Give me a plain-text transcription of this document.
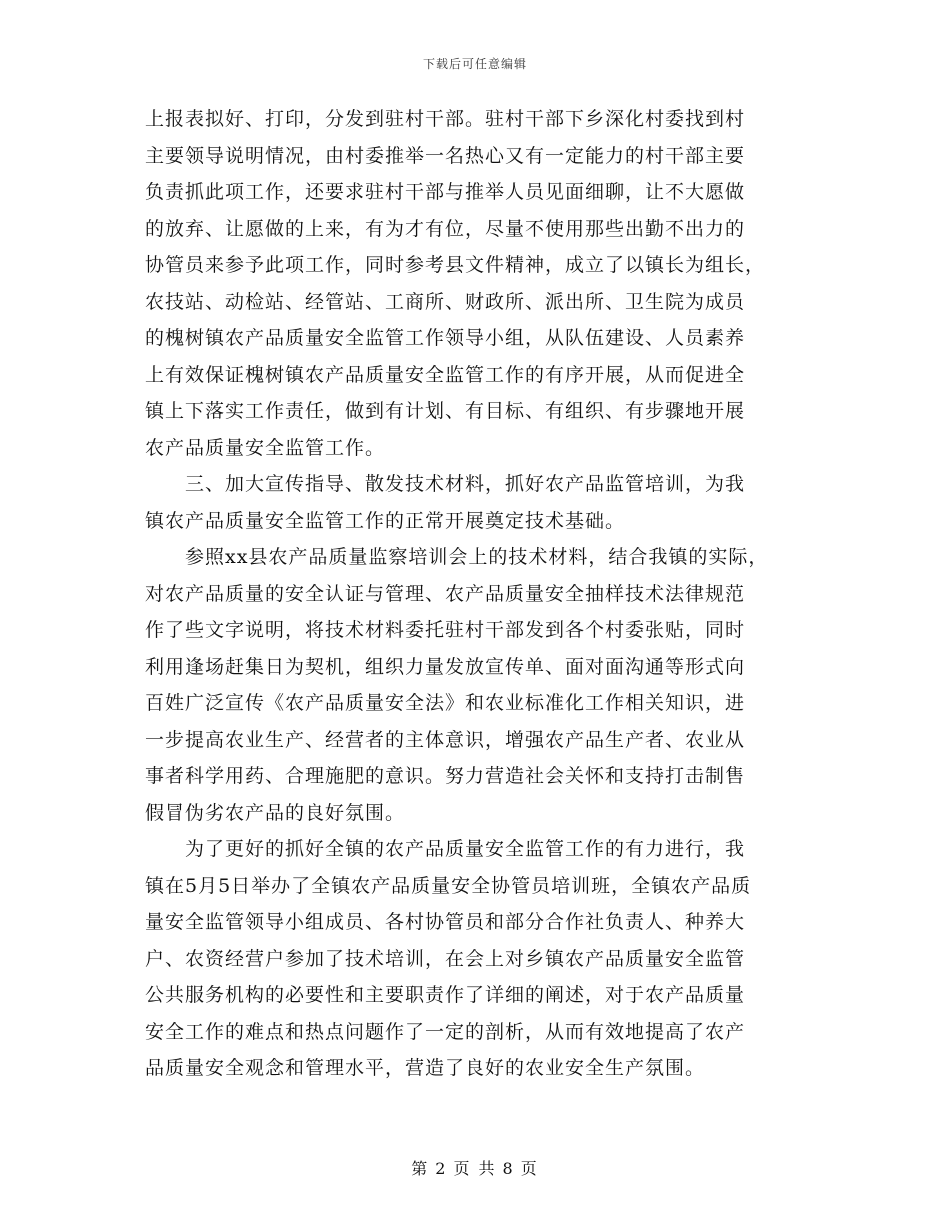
下载后可任意编辑

上报表拟好、打印，分发到驻村干部。驻村干部下乡深化村委找到村
主要领导说明情况，由村委推举一名热心又有一定能力的村干部主要
负责抓此项工作，还要求驻村干部与推举人员见面细聊，让不大愿做
的放弃、让愿做的上来，有为才有位，尽量不使用那些出勤不出力的
协管员来参予此项工作，同时参考县文件精神，成立了以镇长为组长，
农技站、动检站、经管站、工商所、财政所、派出所、卫生院为成员
的槐树镇农产品质量安全监管工作领导小组，从队伍建设、人员素养
上有效保证槐树镇农产品质量安全监管工作的有序开展，从而促进全
镇上下落实工作责任，做到有计划、有目标、有组织、有步骤地开展
农产品质量安全监管工作。

　　三、加大宣传指导、散发技术材料，抓好农产品监管培训，为我
镇农产品质量安全监管工作的正常开展奠定技术基础。

　　参照xx县农产品质量监察培训会上的技术材料，结合我镇的实际，
对农产品质量的安全认证与管理、农产品质量安全抽样技术法律规范
作了些文字说明，将技术材料委托驻村干部发到各个村委张贴，同时
利用逢场赶集日为契机，组织力量发放宣传单、面对面沟通等形式向
百姓广泛宣传《农产品质量安全法》和农业标准化工作相关知识，进
一步提高农业生产、经营者的主体意识，增强农产品生产者、农业从
事者科学用药、合理施肥的意识。努力营造社会关怀和支持打击制售
假冒伪劣农产品的良好氛围。

　　为了更好的抓好全镇的农产品质量安全监管工作的有力进行，我
镇在5月5日举办了全镇农产品质量安全协管员培训班，全镇农产品质
量安全监管领导小组成员、各村协管员和部分合作社负责人、种养大
户、农资经营户参加了技术培训，在会上对乡镇农产品质量安全监管
公共服务机构的必要性和主要职责作了详细的阐述，对于农产品质量
安全工作的难点和热点问题作了一定的剖析，从而有效地提高了农产
品质量安全观念和管理水平，营造了良好的农业安全生产氛围。

第 2 页 共 8 页
